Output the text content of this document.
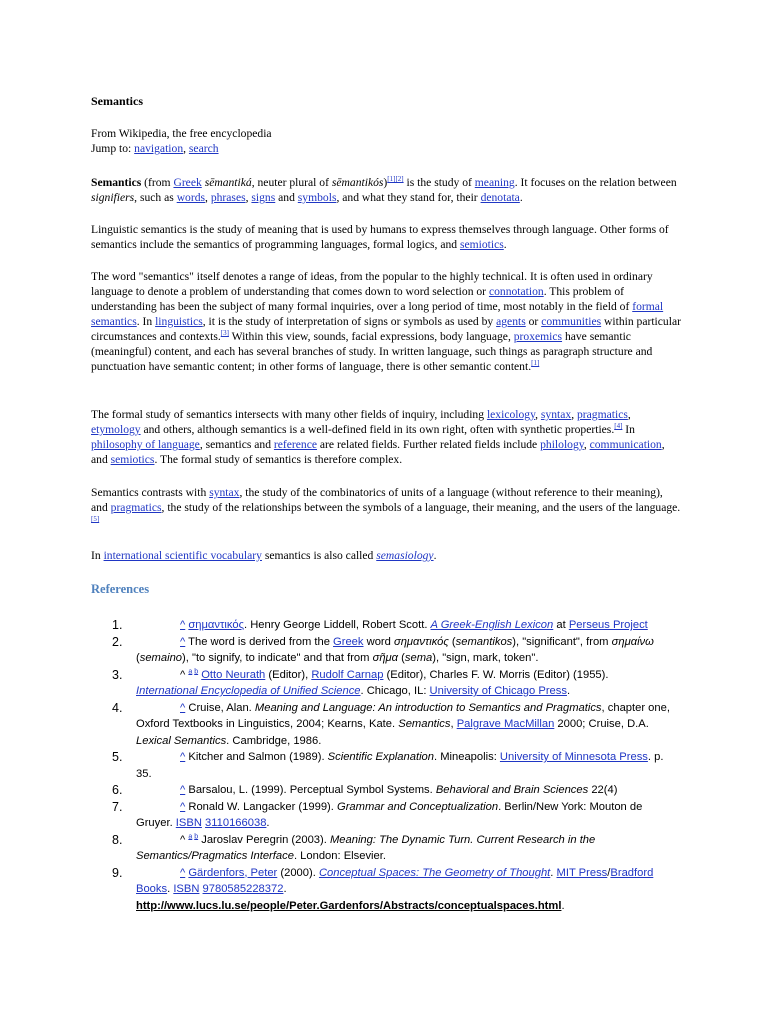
Semantics
From Wikipedia, the free encyclopedia
Jump to: navigation, search

Semantics (from Greek sēmantiká, neuter plural of sēmantikós)[1][2] is the study of meaning. It focuses on the relation between signifiers, such as words, phrases, signs and symbols, and what they stand for, their denotata.

Linguistic semantics is the study of meaning that is used by humans to express themselves through language. Other forms of semantics include the semantics of programming languages, formal logics, and semiotics.

The word "semantics" itself denotes a range of ideas, from the popular to the highly technical. It is often used in ordinary language to denote a problem of understanding that comes down to word selection or connotation. This problem of understanding has been the subject of many formal inquiries, over a long period of time, most notably in the field of formal semantics. In linguistics, it is the study of interpretation of signs or symbols as used by agents or communities within particular circumstances and contexts.[3] Within this view, sounds, facial expressions, body language, proxemics have semantic (meaningful) content, and each has several branches of study. In written language, such things as paragraph structure and punctuation have semantic content; in other forms of language, there is other semantic content.[1]

The formal study of semantics intersects with many other fields of inquiry, including lexicology, syntax, pragmatics, etymology and others, although semantics is a well-defined field in its own right, often with synthetic properties.[4] In philosophy of language, semantics and reference are related fields. Further related fields include philology, communication, and semiotics. The formal study of semantics is therefore complex.

Semantics contrasts with syntax, the study of the combinatorics of units of a language (without reference to their meaning), and pragmatics, the study of the relationships between the symbols of a language, their meaning, and the users of the language.[5]

In international scientific vocabulary semantics is also called semasiology.

References
1.	^ σημαντικός. Henry George Liddell, Robert Scott. A Greek-English Lexicon at Perseus Project
2.	^ The word is derived from the Greek word σημαντικός (semantikos), "significant", from σημαίνω (semaino), "to signify, to indicate" and that from σῆμα (sema), "sign, mark, token".
3.	^ $^{a b}$ Otto Neurath (Editor), Rudolf Carnap (Editor), Charles F. W. Morris (Editor) (1955). International Encyclopedia of Unified Science. Chicago, IL: University of Chicago Press.
4.	^ Cruise, Alan. Meaning and Language: An introduction to Semantics and Pragmatics, chapter one, Oxford Textbooks in Linguistics, 2004; Kearns, Kate. Semantics, Palgrave MacMillan 2000; Cruise, D.A. Lexical Semantics. Cambridge, 1986.
5.	^ Kitcher and Salmon (1989). Scientific Explanation. Mineapolis: University of Minnesota Press. p. 35.
6.	^ Barsalou, L. (1999). Perceptual Symbol Systems. Behavioral and Brain Sciences 22(4)
7.	^ Ronald W. Langacker (1999). Grammar and Conceptualization. Berlin/New York: Mouton de Gruyer. ISBN 3110166038.
8.	^ $^{a b}$ Jaroslav Peregrin (2003). Meaning: The Dynamic Turn. Current Research in the Semantics/Pragmatics Interface. London: Elsevier.
9.	^ Gärdenfors, Peter (2000). Conceptual Spaces: The Geometry of Thought. MIT Press/Bradford Books. ISBN 9780585228372. http://www.lucs.lu.se/people/Peter.Gardenfors/Abstracts/conceptualspaces.html.
